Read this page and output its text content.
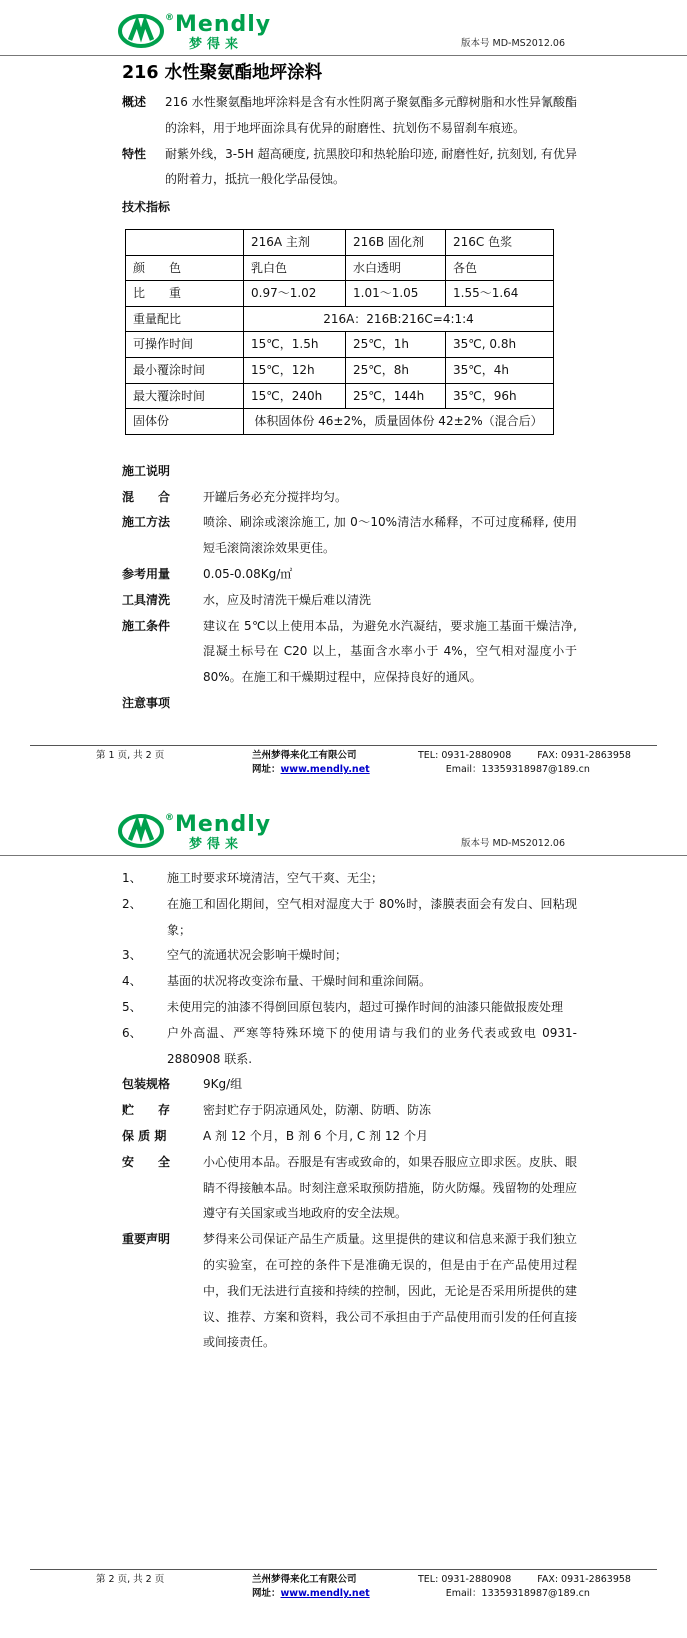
® Mendly
梦得来	版本号 MD-MS2012.06
216 水性聚氨酯地坪涂料
概述	216 水性聚氨酯地坪涂料是含有水性阴离子聚氨酯多元醇树脂和水性异氰酸酯的涂料，用于地坪面涂具有优异的耐磨性、抗划伤不易留刹车痕迹。
特性	耐紫外线，3-5H 超高硬度, 抗黑胶印和热轮胎印迹, 耐磨性好, 抗刻划, 有优异的附着力，抵抗一般化学品侵蚀。
技术指标
	216A 主剂	216B 固化剂	216C 色浆
颜　　色	乳白色	水白透明	各色
比　　重	0.97～1.02	1.01～1.05	1.55～1.64
重量配比	216A：216B:216C=4:1:4		
可操作时间	15℃，1.5h	25℃，1h	35℃, 0.8h
最小覆涂时间	15℃，12h	25℃，8h	35℃，4h
最大覆涂时间	15℃，240h	25℃，144h	35℃，96h
固体份	体积固体份 46±2%，质量固体份 42±2%（混合后）		
施工说明
混　　合	开罐后务必充分搅拌均匀。
施工方法	喷涂、刷涂或滚涂施工, 加 0～10%清洁水稀释，不可过度稀释, 使用短毛滚筒滚涂效果更佳。
参考用量	0.05-0.08Kg/㎡
工具清洗	水，应及时清洗干燥后难以清洗
施工条件	建议在 5℃以上使用本品，为避免水汽凝结，要求施工基面干燥洁净, 混凝土标号在 C20 以上，基面含水率小于 4%，空气相对湿度小于 80%。在施工和干燥期过程中，应保持良好的通风。
注意事项
第 1 页, 共 2 页	兰州梦得来化工有限公司	TEL: 0931-2880908	FAX: 0931-2863958
网址：www.mendly.net	Email：13359318987@189.cn
® Mendly
梦得来	版本号 MD-MS2012.06
1、	施工时要求环境清洁，空气干爽、无尘；
2、	在施工和固化期间，空气相对湿度大于 80%时，漆膜表面会有发白、回粘现象；
3、	空气的流通状况会影响干燥时间；
4、	基面的状况将改变涂布量、干燥时间和重涂间隔。
5、	未使用完的油漆不得倒回原包装内，超过可操作时间的油漆只能做报废处理
6、	户外高温、严寒等特殊环境下的使用请与我们的业务代表或致电 0931-2880908 联系.
包装规格	9Kg/组
贮　　存	密封贮存于阴凉通风处，防潮、防晒、防冻
保 质 期	A 剂 12 个月，B 剂 6 个月, C 剂 12 个月
安　　全	小心使用本品。吞服是有害或致命的，如果吞服应立即求医。皮肤、眼睛不得接触本品。时刻注意采取预防措施，防火防爆。残留物的处理应遵守有关国家或当地政府的安全法规。
重要声明	梦得来公司保证产品生产质量。这里提供的建议和信息来源于我们独立的实验室，在可控的条件下是准确无误的，但是由于在产品使用过程中，我们无法进行直接和持续的控制，因此，无论是否采用所提供的建议、推荐、方案和资料，我公司不承担由于产品使用而引发的任何直接或间接责任。
第 2 页, 共 2 页	兰州梦得来化工有限公司	TEL: 0931-2880908	FAX: 0931-2863958
网址：www.mendly.net	Email：13359318987@189.cn
